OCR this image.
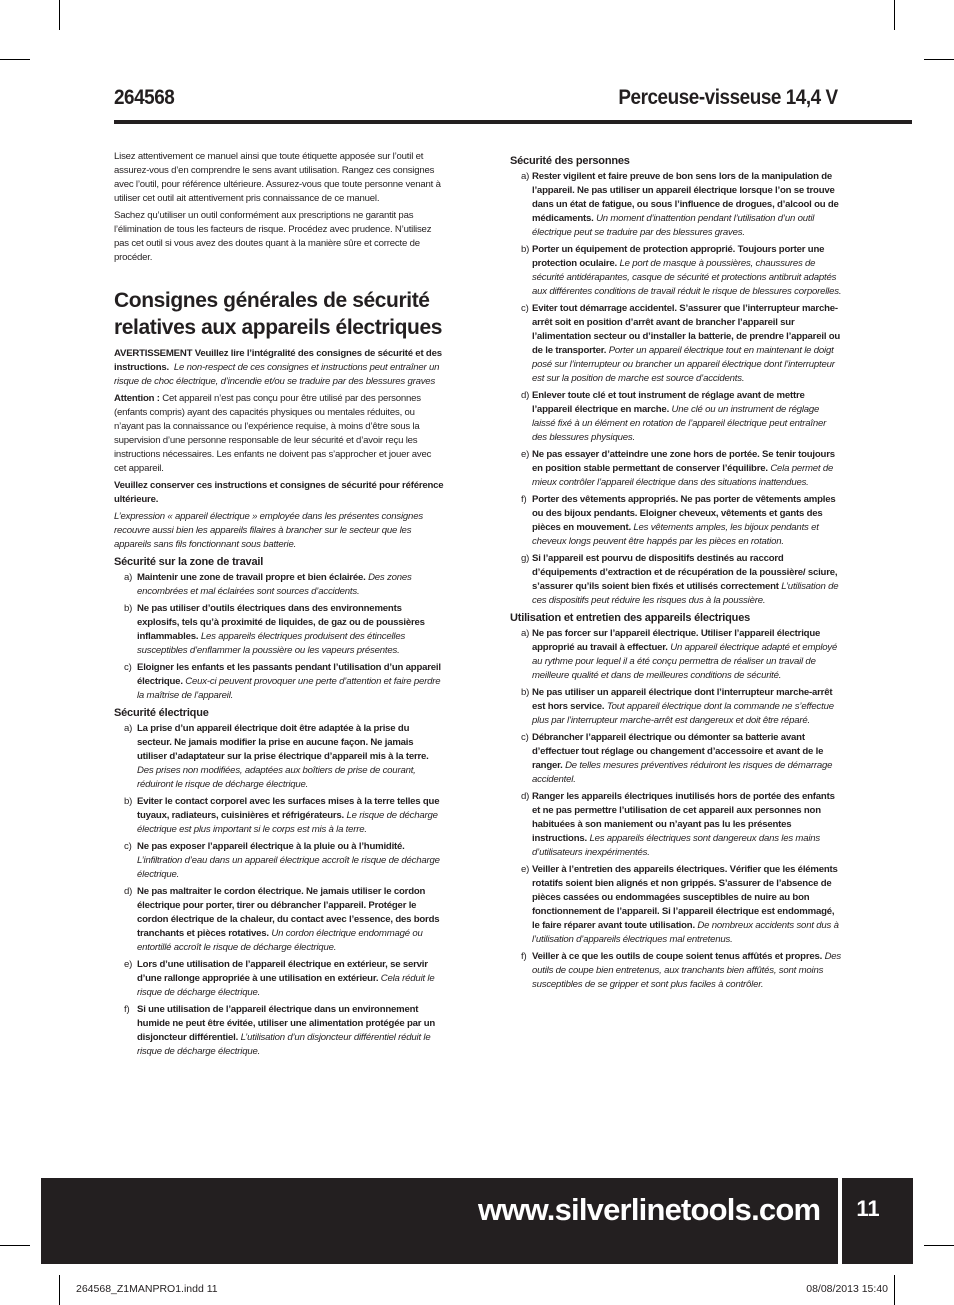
264568	Perceuse-visseuse 14,4 V

Lisez attentivement ce manuel ainsi que toute étiquette apposée sur l’outil et assurez-vous d’en comprendre le sens avant utilisation. Rangez ces consignes avec l’outil, pour référence ultérieure. Assurez-vous que toute personne venant à utiliser cet outil ait attentivement pris connaissance de ce manuel.

Sachez qu’utiliser un outil conformément aux prescriptions ne garantit pas l’élimination de tous les facteurs de risque. Procédez avec prudence. N’utilisez pas cet outil si vous avez des doutes quant à la manière sûre et correcte de procéder.

Consignes générales de sécurité relatives aux appareils électriques

AVERTISSEMENT Veuillez lire l’intégralité des consignes de sécurité et des instructions. Le non-respect de ces consignes et instructions peut entraîner un risque de choc électrique, d’incendie et/ou se traduire par des blessures graves

Attention : Cet appareil n’est pas conçu pour être utilisé par des personnes (enfants compris) ayant des capacités physiques ou mentales réduites, ou n’ayant pas la connaissance ou l’expérience requise, à moins d’être sous la supervision d’une personne responsable de leur sécurité et d’avoir reçu les instructions nécessaires. Les enfants ne doivent pas s’approcher et jouer avec cet appareil.

Veuillez conserver ces instructions et consignes de sécurité pour référence ultérieure.

L’expression « appareil électrique » employée dans les présentes consignes recouvre aussi bien les appareils filaires à brancher sur le secteur que les appareils sans fils fonctionnant sous batterie.

Sécurité sur la zone de travail

a) Maintenir une zone de travail propre et bien éclairée. Des zones encombrées et mal éclairées sont sources d’accidents.
b) Ne pas utiliser d’outils électriques dans des environnements explosifs, tels qu’à proximité de liquides, de gaz ou de poussières inflammables. Les appareils électriques produisent des étincelles susceptibles d’enflammer la poussière ou les vapeurs présentes.
c) Eloigner les enfants et les passants pendant l’utilisation d’un appareil électrique. Ceux-ci peuvent provoquer une perte d’attention et faire perdre la maîtrise de l’appareil.

Sécurité électrique

a) La prise d’un appareil électrique doit être adaptée à la prise du secteur. Ne jamais modifier la prise en aucune façon. Ne jamais utiliser d’adaptateur sur la prise électrique d’appareil mis à la terre. Des prises non modifiées, adaptées aux boîtiers de prise de courant, réduiront le risque de décharge électrique.
b) Eviter le contact corporel avec les surfaces mises à la terre telles que tuyaux, radiateurs, cuisinières et réfrigérateurs. Le risque de décharge électrique est plus important si le corps est mis à la terre.
c) Ne pas exposer l’appareil électrique à la pluie ou à l’humidité. L’infiltration d’eau dans un appareil électrique accroît le risque de décharge électrique.
d) Ne pas maltraiter le cordon électrique. Ne jamais utiliser le cordon électrique pour porter, tirer ou débrancher l’appareil. Protéger le cordon électrique de la chaleur, du contact avec l’essence, des bords tranchants et pièces rotatives. Un cordon électrique endommagé ou entortillé accroît le risque de décharge électrique.
e) Lors d’une utilisation de l’appareil électrique en extérieur, se servir d’une rallonge appropriée à une utilisation en extérieur. Cela réduit le risque de décharge électrique.
f) Si une utilisation de l’appareil électrique dans un environnement humide ne peut être évitée, utiliser une alimentation protégée par un disjoncteur différentiel. L’utilisation d’un disjoncteur différentiel réduit le risque de décharge électrique.

Sécurité des personnes

a) Rester vigilent et faire preuve de bon sens lors de la manipulation de l’appareil. Ne pas utiliser un appareil électrique lorsque l’on se trouve dans un état de fatigue, ou sous l’influence de drogues, d’alcool ou de médicaments. Un moment d’inattention pendant l’utilisation d’un outil électrique peut se traduire par des blessures graves.
b) Porter un équipement de protection approprié. Toujours porter une protection oculaire. Le port de masque à poussières, chaussures de sécurité antidérapantes, casque de sécurité et protections antibruit adaptés aux différentes conditions de travail réduit le risque de blessures corporelles.
c) Eviter tout démarrage accidentel. S’assurer que l’interrupteur marche-arrêt soit en position d’arrêt avant de brancher l’appareil sur l’alimentation secteur ou d’installer la batterie, de prendre l’appareil ou de le transporter. Porter un appareil électrique tout en maintenant le doigt posé sur l’interrupteur ou brancher un appareil électrique dont l’interrupteur est sur la position de marche est source d’accidents.
d) Enlever toute clé et tout instrument de réglage avant de mettre l’appareil électrique en marche. Une clé ou un instrument de réglage laissé fixé à un élément en rotation de l’appareil électrique peut entraîner des blessures physiques.
e) Ne pas essayer d’atteindre une zone hors de portée. Se tenir toujours en position stable permettant de conserver l’équilibre. Cela permet de mieux contrôler l’appareil électrique dans des situations inattendues.
f) Porter des vêtements appropriés. Ne pas porter de vêtements amples ou des bijoux pendants. Eloigner cheveux, vêtements et gants des pièces en mouvement. Les vêtements amples, les bijoux pendants et cheveux longs peuvent être happés par les pièces en rotation.
g) Si l’appareil est pourvu de dispositifs destinés au raccord d’équipements d’extraction et de récupération de la poussière/ sciure, s’assurer qu’ils soient bien fixés et utilisés correctement L’utilisation de ces dispositifs peut réduire les risques dus à la poussière.

Utilisation et entretien des appareils électriques

a) Ne pas forcer sur l’appareil électrique. Utiliser l’appareil électrique approprié au travail à effectuer. Un appareil électrique adapté et employé au rythme pour lequel il a été conçu permettra de réaliser un travail de meilleure qualité et dans de meilleures conditions de sécurité.
b) Ne pas utiliser un appareil électrique dont l’interrupteur marche-arrêt est hors service. Tout appareil électrique dont la commande ne s’effectue plus par l’interrupteur marche-arrêt est dangereux et doit être réparé.
c) Débrancher l’appareil électrique ou démonter sa batterie avant d’effectuer tout réglage ou changement d’accessoire et avant de le ranger. De telles mesures préventives réduiront les risques de démarrage accidentel.
d) Ranger les appareils électriques inutilisés hors de portée des enfants et ne pas permettre l’utilisation de cet appareil aux personnes non habituées à son maniement ou n’ayant pas lu les présentes instructions. Les appareils électriques sont dangereux dans les mains d’utilisateurs inexpérimentés.
e) Veiller à l’entretien des appareils électriques. Vérifier que les éléments rotatifs soient bien alignés et non grippés. S’assurer de l’absence de pièces cassées ou endommagées susceptibles de nuire au bon fonctionnement de l’appareil. Si l’appareil électrique est endommagé, le faire réparer avant toute utilisation. De nombreux accidents sont dus à l’utilisation d’appareils électriques mal entretenus.
f) Veiller à ce que les outils de coupe soient tenus affûtés et propres. Des outils de coupe bien entretenus, aux tranchants bien affûtés, sont moins susceptibles de se gripper et sont plus faciles à contrôler.
www.silverlinetools.com	11
264568_Z1MANPRO1.indd 11	08/08/2013 15:40
